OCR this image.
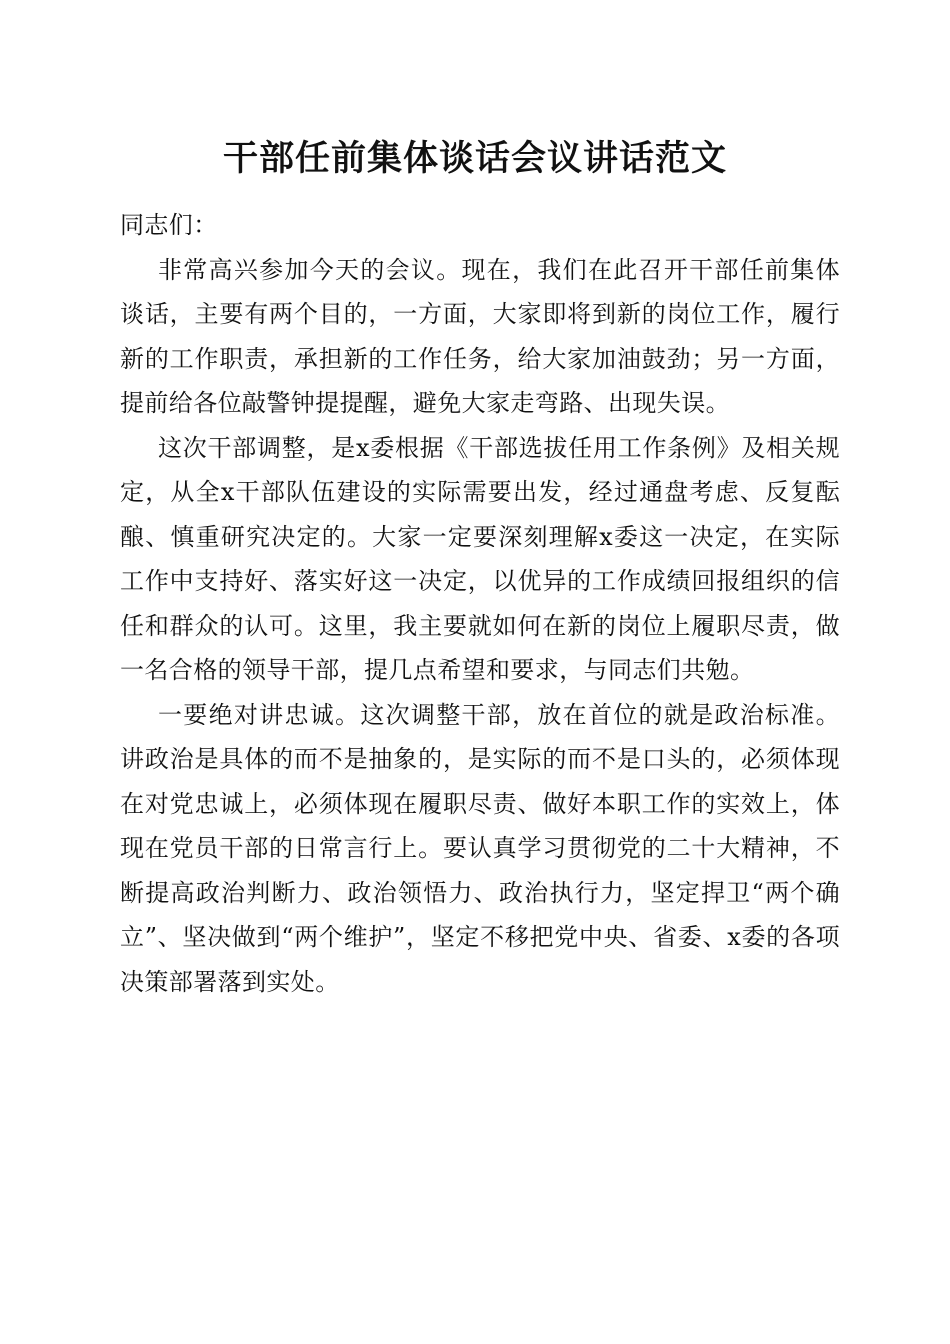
干部任前集体谈话会议讲话范文

同志们：

非常高兴参加今天的会议。现在，我们在此召开干部任前集体谈话，主要有两个目的，一方面，大家即将到新的岗位工作，履行新的工作职责，承担新的工作任务，给大家加油鼓劲；另一方面，提前给各位敲警钟提提醒，避免大家走弯路、出现失误。

这次干部调整，是x委根据《干部选拔任用工作条例》及相关规定，从全x干部队伍建设的实际需要出发，经过通盘考虑、反复酝酿、慎重研究决定的。大家一定要深刻理解x委这一决定，在实际工作中支持好、落实好这一决定，以优异的工作成绩回报组织的信任和群众的认可。这里，我主要就如何在新的岗位上履职尽责，做一名合格的领导干部，提几点希望和要求，与同志们共勉。

一要绝对讲忠诚。这次调整干部，放在首位的就是政治标准。讲政治是具体的而不是抽象的，是实际的而不是口头的，必须体现在对党忠诚上，必须体现在履职尽责、做好本职工作的实效上，体现在党员干部的日常言行上。要认真学习贯彻党的二十大精神，不断提高政治判断力、政治领悟力、政治执行力，坚定捍卫“两个确立”、坚决做到“两个维护”，坚定不移把党中央、省委、x委的各项决策部署落到实处。
